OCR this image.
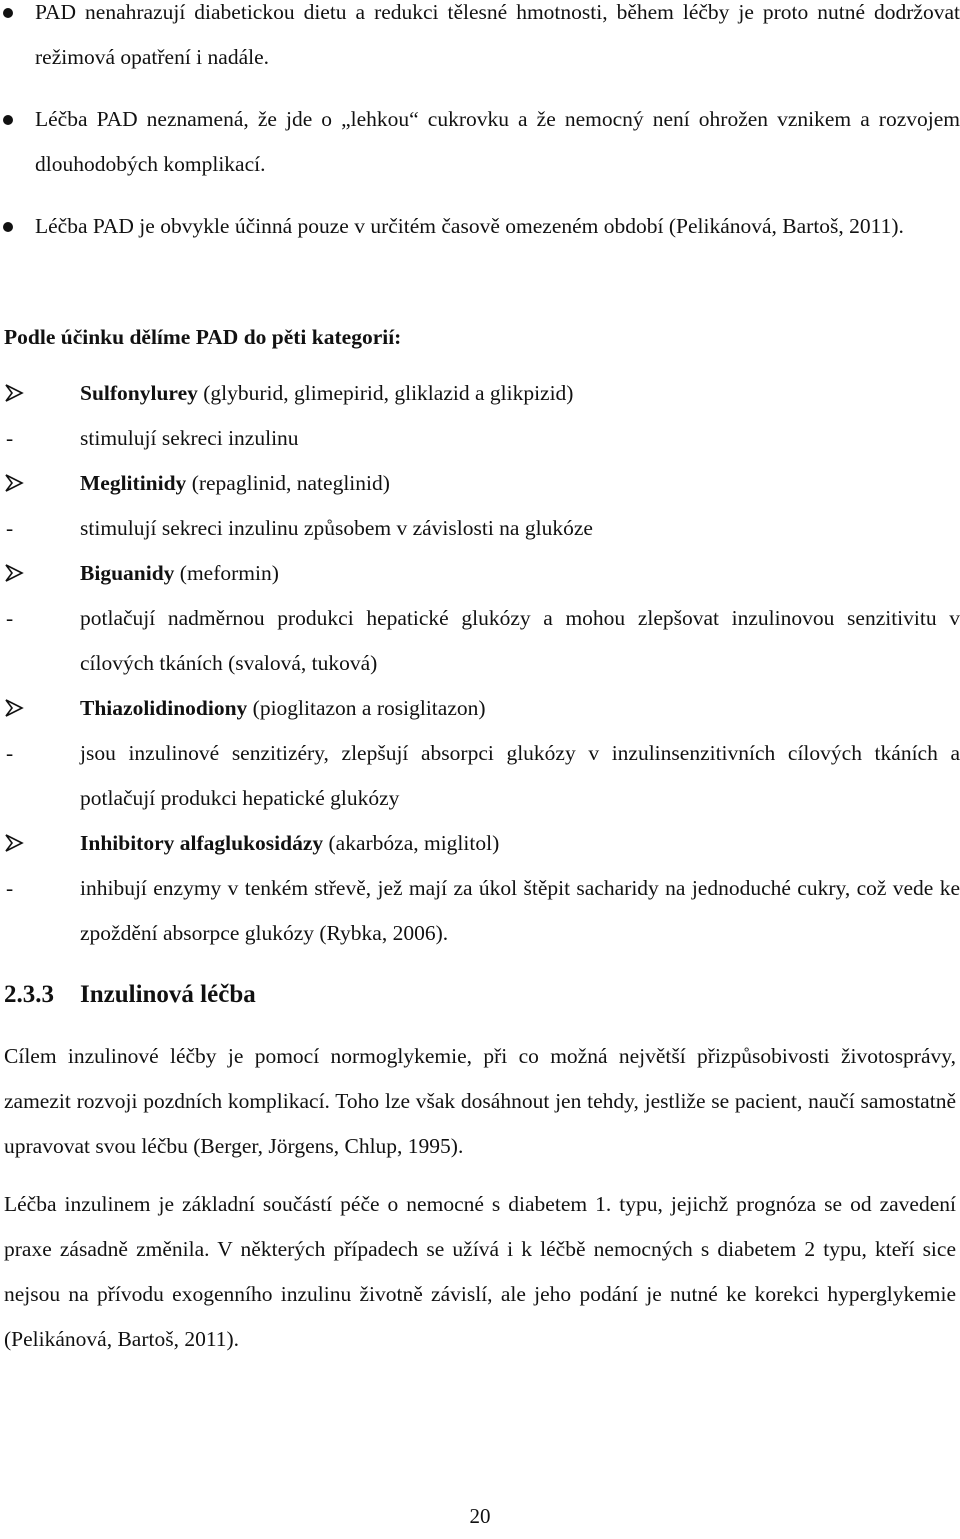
PAD nenahrazují diabetickou dietu a redukci tělesné hmotnosti, během léčby je proto nutné dodržovat režimová opatření i nadále.
Léčba PAD neznamená, že jde o „lehkou“ cukrovku a že nemocný není ohrožen vznikem a rozvojem dlouhodobých komplikací.
Léčba PAD je obvykle účinná pouze v určitém časově omezeném období (Pelikánová, Bartoš, 2011).
Podle účinku dělíme PAD do pěti kategorií:
Sulfonylurey (glyburid, glimepirid, gliklazid a glikpizid)
-	stimulují sekreci inzulinu
Meglitinidy (repaglinid, nateglinid)
-	stimulují sekreci inzulinu způsobem v závislosti na glukóze
Biguanidy (meformin)
-	potlačují nadměrnou produkci hepatické glukózy a mohou zlepšovat inzulinovou senzitivitu v cílových tkáních (svalová, tuková)
Thiazolidinodiony (pioglitazon a rosiglitazon)
-	jsou inzulinové senzitizéry, zlepšují absorpci glukózy v inzulinsenzitivních cílových tkáních a potlačují produkci hepatické glukózy
Inhibitory alfaglukosidázy (akarbóza, miglitol)
-	inhibují enzymy v tenkém střevě, jež mají za úkol štěpit sacharidy na jednoduché cukry, což vede ke zpoždění absorpce glukózy (Rybka, 2006).
2.3.3 Inzulinová léčba
Cílem inzulinové léčby je pomocí normoglykemie, při co možná největší přizpůsobivosti životosprávy, zamezit rozvoji pozdních komplikací. Toho lze však dosáhnout jen tehdy, jestliže se pacient, naučí samostatně upravovat svou léčbu (Berger, Jörgens, Chlup, 1995).
Léčba inzulinem je základní součástí péče o nemocné s diabetem 1. typu, jejichž prognóza se od zavedení praxe zásadně změnila. V některých případech se užívá i k léčbě nemocných s diabetem 2 typu, kteří sice nejsou na přívodu exogenního inzulinu životně závislí, ale jeho podání je nutné ke korekci hyperglykemie (Pelikánová, Bartoš, 2011).
20
